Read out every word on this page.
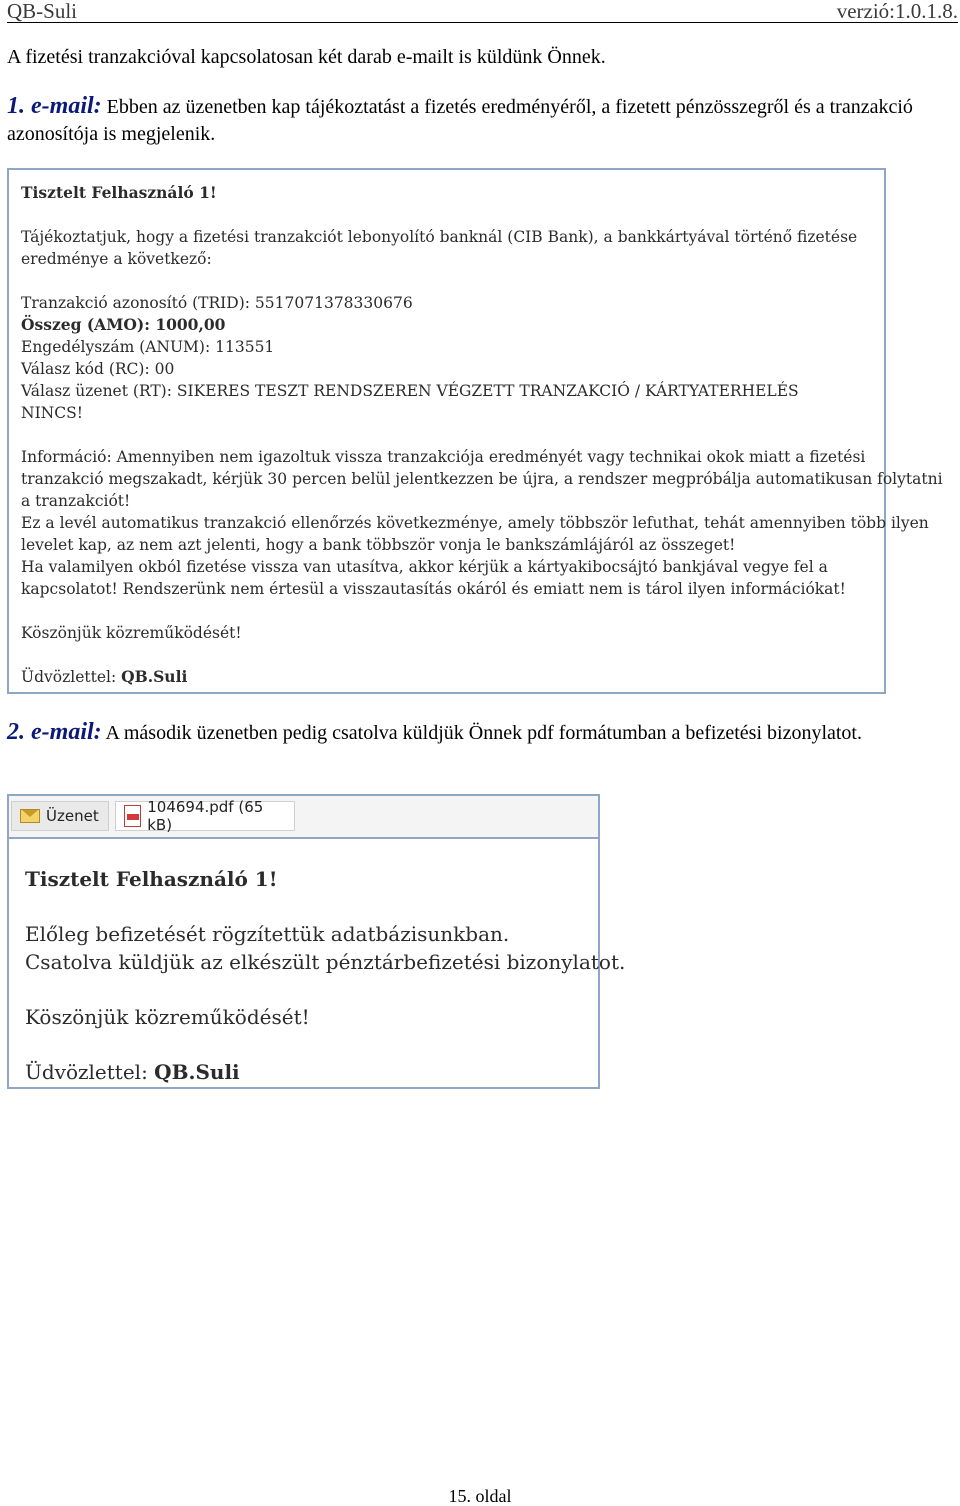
QB-Suli	verzió:1.0.1.8.
A fizetési tranzakcióval kapcsolatosan két darab e-mailt is küldünk Önnek.
1. e-mail: Ebben az üzenetben kap tájékoztatást a fizetés eredményéről, a fizetett pénzösszegről és a tranzakció azonosítója is megjelenik.
Tisztelt Felhasználó 1!
Tájékoztatjuk, hogy a fizetési tranzakciót lebonyolító banknál (CIB Bank), a bankkártyával történő fizetése
eredménye a következő:
Tranzakció azonosító (TRID): 5517071378330676
Összeg (AMO): 1000,00
Engedélyszám (ANUM): 113551
Válasz kód (RC): 00
Válasz üzenet (RT): SIKERES TESZT RENDSZEREN VÉGZETT TRANZAKCIÓ / KÁRTYATERHELÉS
NINCS!
Információ: Amennyiben nem igazoltuk vissza tranzakciója eredményét vagy technikai okok miatt a fizetési
tranzakció megszakadt, kérjük 30 percen belül jelentkezzen be újra, a rendszer megpróbálja automatikusan folytatni
a tranzakciót!
Ez a levél automatikus tranzakció ellenőrzés következménye, amely többször lefuthat, tehát amennyiben több ilyen
levelet kap, az nem azt jelenti, hogy a bank többször vonja le bankszámlájáról az összeget!
Ha valamilyen okból fizetése vissza van utasítva, akkor kérjük a kártyakibocsájtó bankjával vegye fel a
kapcsolatot! Rendszerünk nem értesül a visszautasítás okáról és emiatt nem is tárol ilyen információkat!
Köszönjük közreműködését!
Üdvözlettel: QB.Suli
2. e-mail: A második üzenetben pedig csatolva küldjük Önnek pdf formátumban a befizetési bizonylatot.
Üzenet	104694.pdf (65 kB)
Tisztelt Felhasználó 1!
Előleg befizetését rögzítettük adatbázisunkban.
Csatolva küldjük az elkészült pénztárbefizetési bizonylatot.
Köszönjük közreműködését!
Üdvözlettel: QB.Suli
15. oldal
